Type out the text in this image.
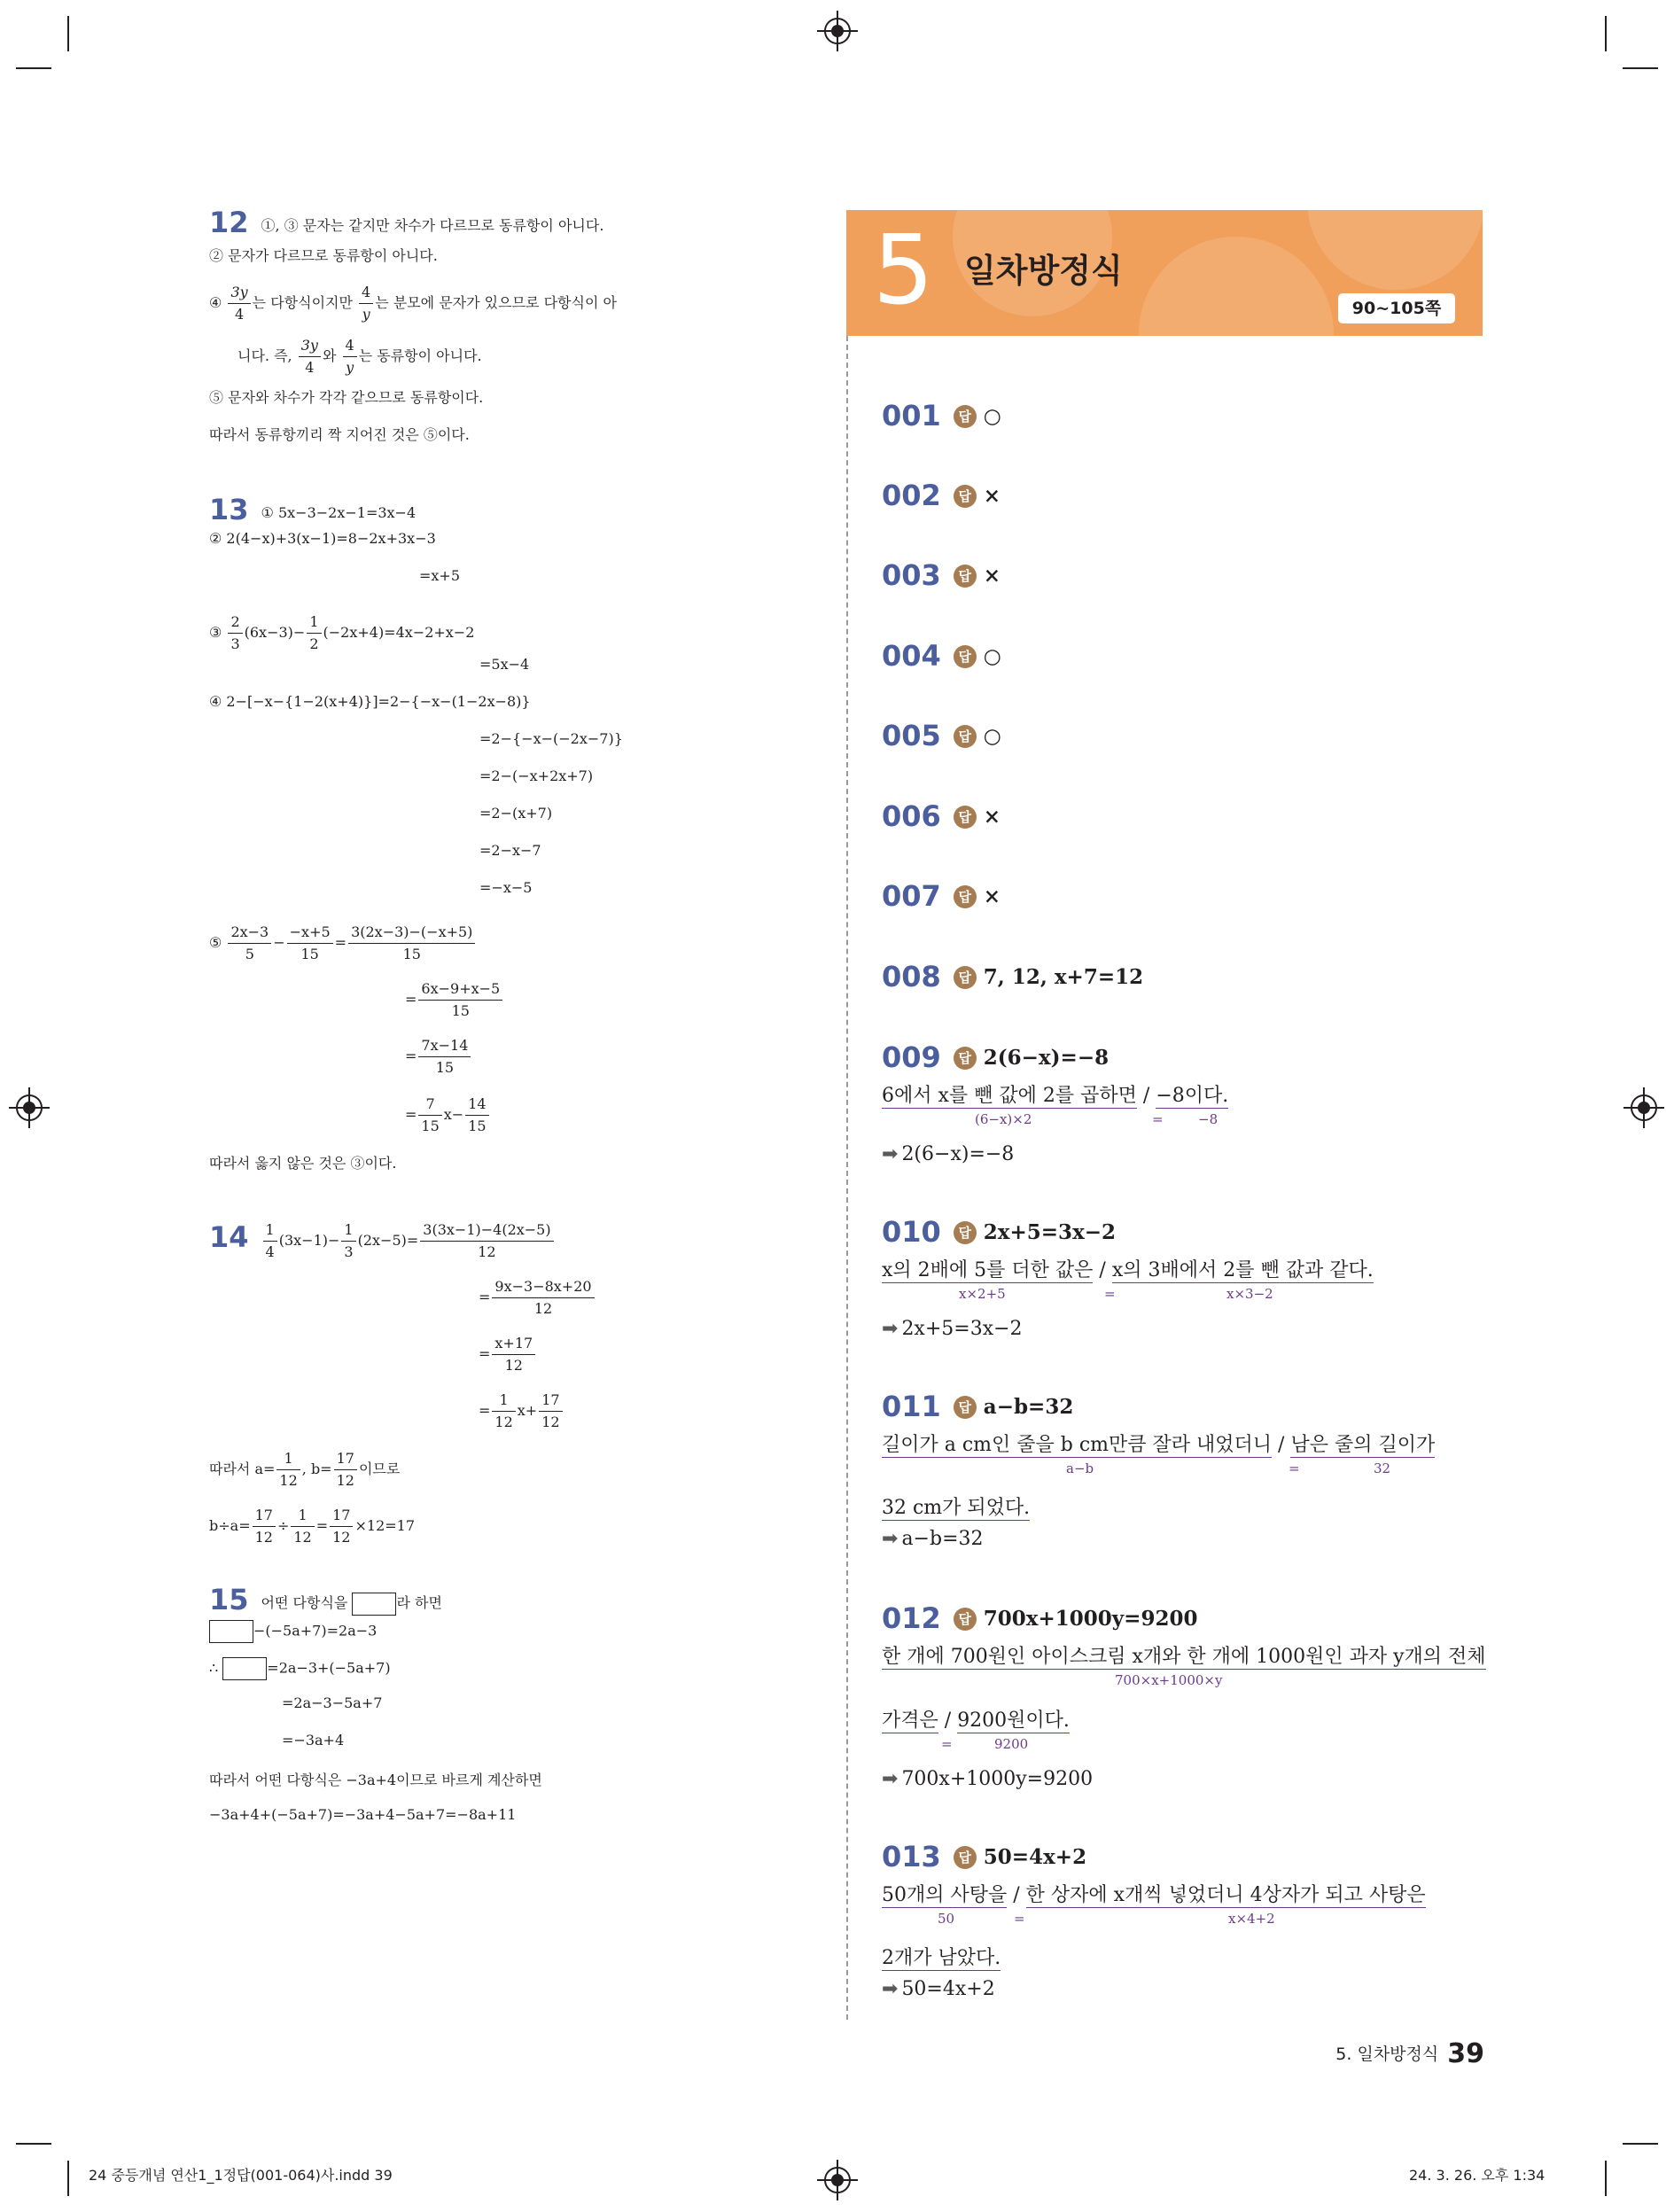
12 ①, ③ 문자는 같지만 차수가 다르므로 동류항이 아니다.
② 문자가 다르므로 동류항이 아니다.
④ $\frac{3y}{4}$ 는 다항식이지만 $\frac{4}{y}$ 는 분모에 문자가 있으므로 다항식이 아
니다. 즉, $\frac{3y}{4}$ 와 $\frac{4}{y}$ 는 동류항이 아니다.
⑤ 문자와 차수가 각각 같으므로 동류항이다.
따라서 동류항끼리 짝 지어진 것은 ⑤이다.
13 ① 5x−3−2x−1=3x−4
② 2(4−x)+3(x−1)=8−2x+3x−3
=x+5
③ $\frac{2}{3} (6x-3)- \frac{1}{2} (-2x+4)=4x-2+x-2$
=5x−4
④ 2−[−x−{1−2(x+4)}]=2−{−x−(1−2x−8)}
=2−{−x−(−2x−7)}
=2−(−x+2x+7)
=2−(x+7)
=2−x−7
=−x−5
⑤ $\frac{2x-3}{5} - \frac{-x+5}{15} = \frac{3(2x-3)-(-x+5)}{15}$
= $\frac{6x-9+x-5}{15}$
= $\frac{7x-14}{15}$
= $\frac{7}{15} x- \frac{14}{15}$
따라서 옳지 않은 것은 ③이다.
$14 \frac{1}{4} (3x-1)- \frac{1}{3} (2x-5)= \frac{3(3x-1)-4(2x-5)}{12}$
= $\frac{9x-3-8x+20}{12}$
= $\frac{x+17}{12}$
= $\frac{1}{12} x+ \frac{17}{12}$
따라서 $a= \frac{1}{12}$ , $b= \frac{17}{12}$ 이므로
$b\div a= \frac{17}{12} \div \frac{1}{12} = \frac{17}{12} \times 12=17$
15 어떤 다항식을	라 하면
−(−5a+7)=2a−3
∴	=2a−3+(−5a+7)
=2a−3−5a+7
=−3a+4
따라서 어떤 다항식은 −3a+4이므로 바르게 계산하면
−3a+4+(−5a+7)=−3a+4−5a+7=−8a+11
5 일차방정식
90~105쪽
001 답 ○
002 답 ×
003 답 ×
004 답 ○
005 답 ○
006 답 ×
007 답 ×
008 답 7, 12, x+7=12
009 답 2(6−x)=−8
6에서 x를 뺀 값에 2를 곱하면 / −8이다.
(6−x)×2	=	−8
➡ 2(6−x)=−8
010 답 2x+5=3x−2
x의 2배에 5를 더한 값은 / x의 3배에서 2를 뺀 값과 같다.
x×2+5	=	x×3−2
➡ 2x+5=3x−2
011 답 a−b=32
길이가 a cm인 줄을 b cm만큼 잘라 내었더니 / 남은 줄의 길이가
a−b	=	32
32 cm가 되었다.
➡ a−b=32
012 답 700x+1000y=9200
한 개에 700원인 아이스크림 x개와 한 개에 1000원인 과자 y개의 전체
700×x+1000×y
가격은 / 9200원이다.
=	9200
➡ 700x+1000y=9200
013 답 50=4x+2
50개의 사탕을 / 한 상자에 x개씩 넣었더니 4상자가 되고 사탕은
50	=	x×4+2
2개가 남았다.
➡ 50=4x+2
5. 일차방정식 39
24 중등개념 연산1_1정답(001-064)사.indd 39	24. 3. 26. 오후 1:34
